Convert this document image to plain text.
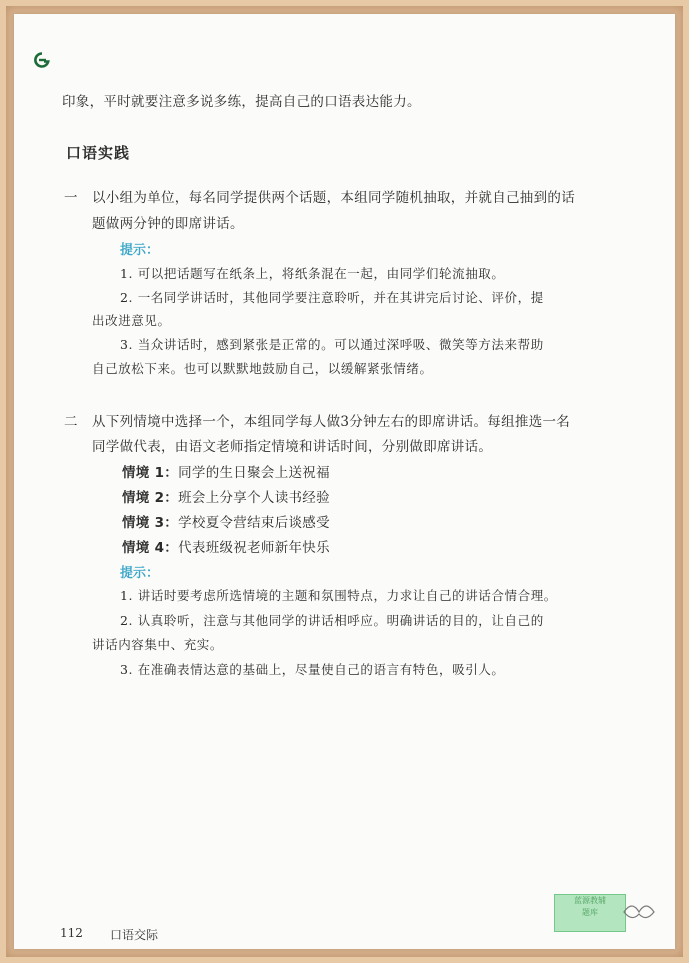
印象，平时就要注意多说多练，提高自己的口语表达能力。
口语实践
一 以小组为单位，每名同学提供两个话题，本组同学随机抽取，并就自己抽到的话
题做两分钟的即席讲话。
提示：
1. 可以把话题写在纸条上，将纸条混在一起，由同学们轮流抽取。
2. 一名同学讲话时，其他同学要注意聆听，并在其讲完后讨论、评价，提
出改进意见。
3. 当众讲话时，感到紧张是正常的。可以通过深呼吸、微笑等方法来帮助
自己放松下来。也可以默默地鼓励自己，以缓解紧张情绪。
二 从下列情境中选择一个，本组同学每人做3分钟左右的即席讲话。每组推选一名
同学做代表，由语文老师指定情境和讲话时间，分别做即席讲话。
情境 1：同学的生日聚会上送祝福
情境 2：班会上分享个人读书经验
情境 3：学校夏令营结束后谈感受
情境 4：代表班级祝老师新年快乐
提示：
1. 讲话时要考虑所选情境的主题和氛围特点，力求让自己的讲话合情合理。
2. 认真聆听，注意与其他同学的讲话相呼应。明确讲话的目的，让自己的
讲话内容集中、充实。
3. 在准确表情达意的基础上，尽量使自己的语言有特色，吸引人。
112 口语交际
蓝源教辅
题库
